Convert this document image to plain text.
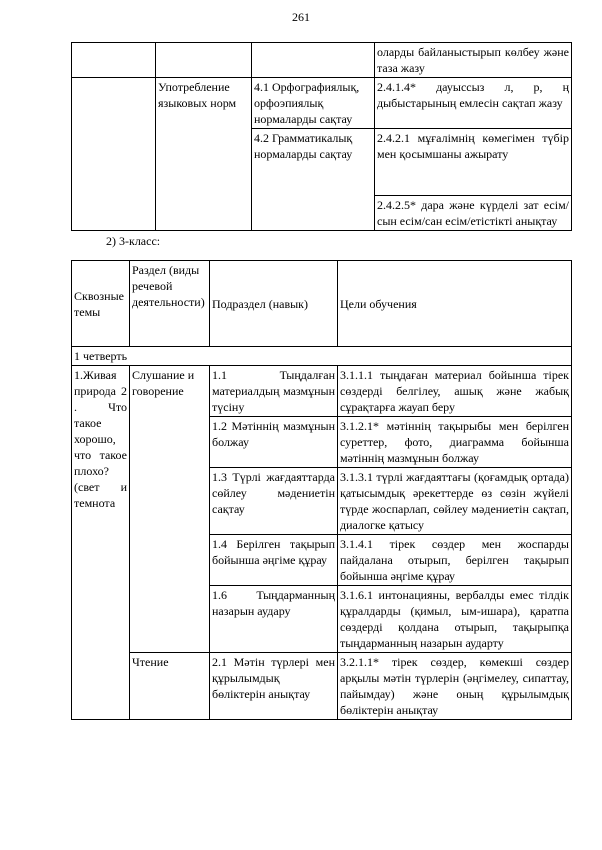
261
			оларды байланыстырып көлбеу және таза жазу
	Употребление языковых норм	4.1 Орфографиялық, орфоэпиялық нормаларды сақтау	2.4.1.4* дауыссыз л, р, ң дыбыстарының емлесін сақтап жазу
		4.2 Грамматикалық нормаларды сақтау	2.4.2.1 мұғалімнің көмегімен түбір мен қосымшаны ажырату
			2.4.2.5* дара және күрделі зат есім/сын есім/сан есім/етістікті анықтау
2) 3-класс:
Сквозные темы	Раздел (виды речевой деятельности)	Подраздел (навык)	Цели обучения
1 четверть			
1.Живая природа 2 . Что такое хорошо, что такое плохо? (свет и темнота	Слушание и говорение	1.1 Тыңдалған материалдың мазмұнын түсіну	3.1.1.1 тыңдаған материал бойынша тірек сөздерді белгілеу, ашық және жабық сұрақтарға жауап беру
		1.2 Мәтіннің мазмұнын болжау	3.1.2.1* мәтіннің тақырыбы мен берілген суреттер, фото, диаграмма бойынша мәтіннің мазмұнын болжау
		1.3 Түрлі жағдаяттарда сөйлеу мәдениетін сақтау	3.1.3.1 түрлі жағдаяттағы (қоғамдық ортада) қатысымдық әрекеттерде өз сөзін жүйелі түрде жоспарлап, сөйлеу мәдениетін сақтап, диалогке қатысу
		1.4 Берілген тақырып бойынша әңгіме құрау	3.1.4.1 тірек сөздер мен жоспарды пайдалана отырып, берілген тақырып бойынша әңгіме құрау
		1.6 Тыңдарманның назарын аудару	3.1.6.1 интонацияны, вербалды емес тілдік құралдарды (қимыл, ым-ишара), қаратпа сөздерді қолдана отырып, тақырыпқа тыңдарманның назарын аударту
	Чтение	2.1 Мәтін түрлері мен құрылымдық бөліктерін анықтау	3.2.1.1* тірек сөздер, көмекші сөздер арқылы мәтін түрлерін (әңгімелеу, сипаттау, пайымдау) және оның құрылымдық бөліктерін анықтау
